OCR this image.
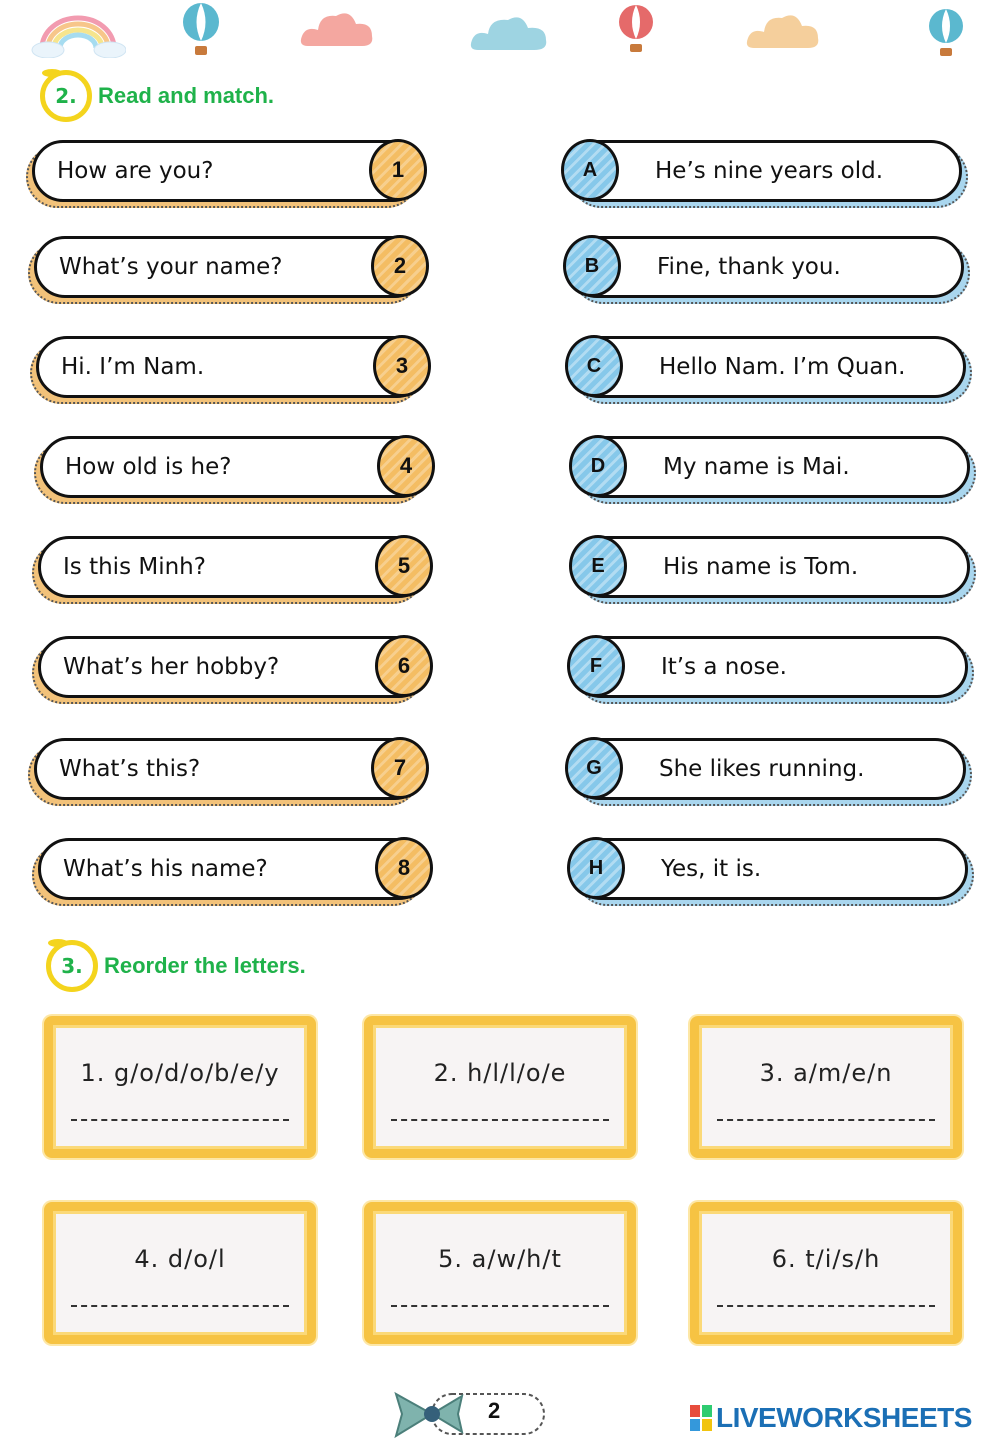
2. Read and match.
How are you?	1
What’s your name?	2
Hi. I’m Nam.	3
How old is he?	4
Is this Minh?	5
What’s her hobby?	6
What’s this?	7
What’s his name?	8
He’s nine years old.
A
Fine, thank you.
B
Hello Nam. I’m Quan.
C
My name is Mai.
D
His name is Tom.
E
It’s a nose.
F
She likes running.
G
Yes, it is.
H
3. Reorder the letters.
1. g/o/d/o/b/e/y	2. h/l/l/o/e	3. a/m/e/n
4. d/o/l	5. a/w/h/t	6. t/i/s/h
2	LIVEWORKSHEETS
